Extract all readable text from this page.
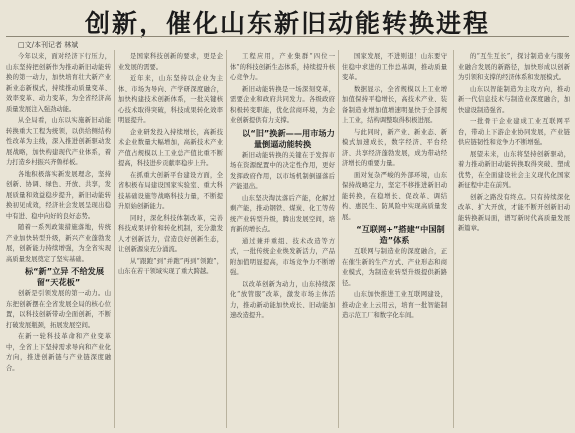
创新，催化山东新旧动能转换进程
□文/本刊记者 林斌

今年以来，面对经济下行压力，山东坚持把创新作为推动新旧动能转换的第一动力，加快培育壮大新产业新业态新模式，持续推动质量变革、效率变革、动力变革，为全省经济高质量发展注入强劲动能。

从全局看，山东以实施新旧动能转换重大工程为统领，以供给侧结构性改革为主线，深入推进创新驱动发展战略，加快构建现代产业体系，着力打造乡村振兴齐鲁样板。

各地积极落实新发展理念，坚持创新、协调、绿色、开放、共享，发展质量和效益稳步提升，新旧动能转换初见成效，经济社会发展呈现出稳中有进、稳中向好的良好态势。

随着一系列政策措施落地，传统产业加快转型升级，新兴产业蓬勃发展，创新能力持续增强，为全省实现高质量发展奠定了坚实基础。

标“新”立异 不给发展留“天花板”

创新是引领发展的第一动力。山东把创新摆在全省发展全局的核心位置，以科技创新带动全面创新，不断打破发展瓶颈，拓展发展空间。

在新一轮科技革命和产业变革中，全省上下坚持需求导向和产业化方向，推进创新链与产业链深度融合。

是国家科技创新的要求，更是企业发展的需要。

近年来，山东坚持以企业为主体、市场为导向、产学研深度融合，加快构建技术创新体系，一批关键核心技术取得突破，科技成果转化效率明显提升。

企业研发投入持续增长，高新技术企业数量大幅增加，高新技术产业产值占规模以上工业总产值比重不断提高，科技进步贡献率稳步上升。

在抓重大创新平台建设方面，全省积极布局建设国家实验室、重大科技基础设施等战略科技力量，不断提升原始创新能力。

同时，深化科技体制改革，完善科技成果评价和转化机制，充分激发人才创新活力，营造良好创新生态，让创新源泉充分涌流。

从“跟跑”到“并跑”再到“领跑”，山东在若干领域实现了重大跨越。

工程应用，产业集群“四位一体”的科技创新生态体系，持续提升核心竞争力。

新旧动能转换是一场深刻变革，需要企业和政府共同发力。各级政府积极转变职能，优化营商环境，为企业创新提供有力支撑。

以“旧”换新——用市场力量倒逼动能转换

新旧动能转换的关键在于发挥市场在资源配置中的决定性作用，更好发挥政府作用，以市场机制倒逼落后产能退出。

山东坚决淘汰落后产能，化解过剩产能，推动钢铁、煤炭、化工等传统产业转型升级，腾出发展空间，培育新的增长点。

通过兼并重组、技术改造等方式，一批传统企业焕发新活力，产品附加值明显提高，市场竞争力不断增强。

以改革创新为动力，山东持续深化“放管服”改革，激发市场主体活力，推动新动能加快成长、旧动能加速改造提升。

国家发展，不进则退！山东要守住稳中求进的工作总基调，推动质量变革。

数据显示，全省规模以上工业增加值保持平稳增长，高技术产业、装备制造业增加值增速明显快于全部规上工业，结构调整取得积极进展。

与此同时，新产业、新业态、新模式加速成长，数字经济、平台经济、共享经济蓬勃发展，成为带动经济增长的重要力量。

面对复杂严峻的外部环境，山东保持战略定力，坚定不移推进新旧动能转换，在稳增长、促改革、调结构、惠民生、防风险中实现高质量发展。

“互联网+”搭建“中国制造”体系

互联网与制造业的深度融合，正在催生新的生产方式、产业形态和商业模式，为制造业转型升级提供新路径。

山东加快推进工业互联网建设，推动企业上云用云，培育一批智能制造示范工厂和数字化车间。

的“互生互长”，探讨制造业与服务业融合发展的新路径，加快形成以创新为引领和支撑的经济体系和发展模式。

山东以智能制造为主攻方向，推动新一代信息技术与制造业深度融合，加快建设制造强省。

一批骨干企业建成工业互联网平台，带动上下游企业协同发展，产业链供应链韧性和竞争力不断增强。

展望未来，山东将坚持创新驱动，着力推动新旧动能转换取得突破、塑成优势，在全面建设社会主义现代化国家新征程中走在前列。

创新之路没有终点。只有持续深化改革、扩大开放，才能不断开创新旧动能转换新局面，谱写新时代高质量发展新篇章。
